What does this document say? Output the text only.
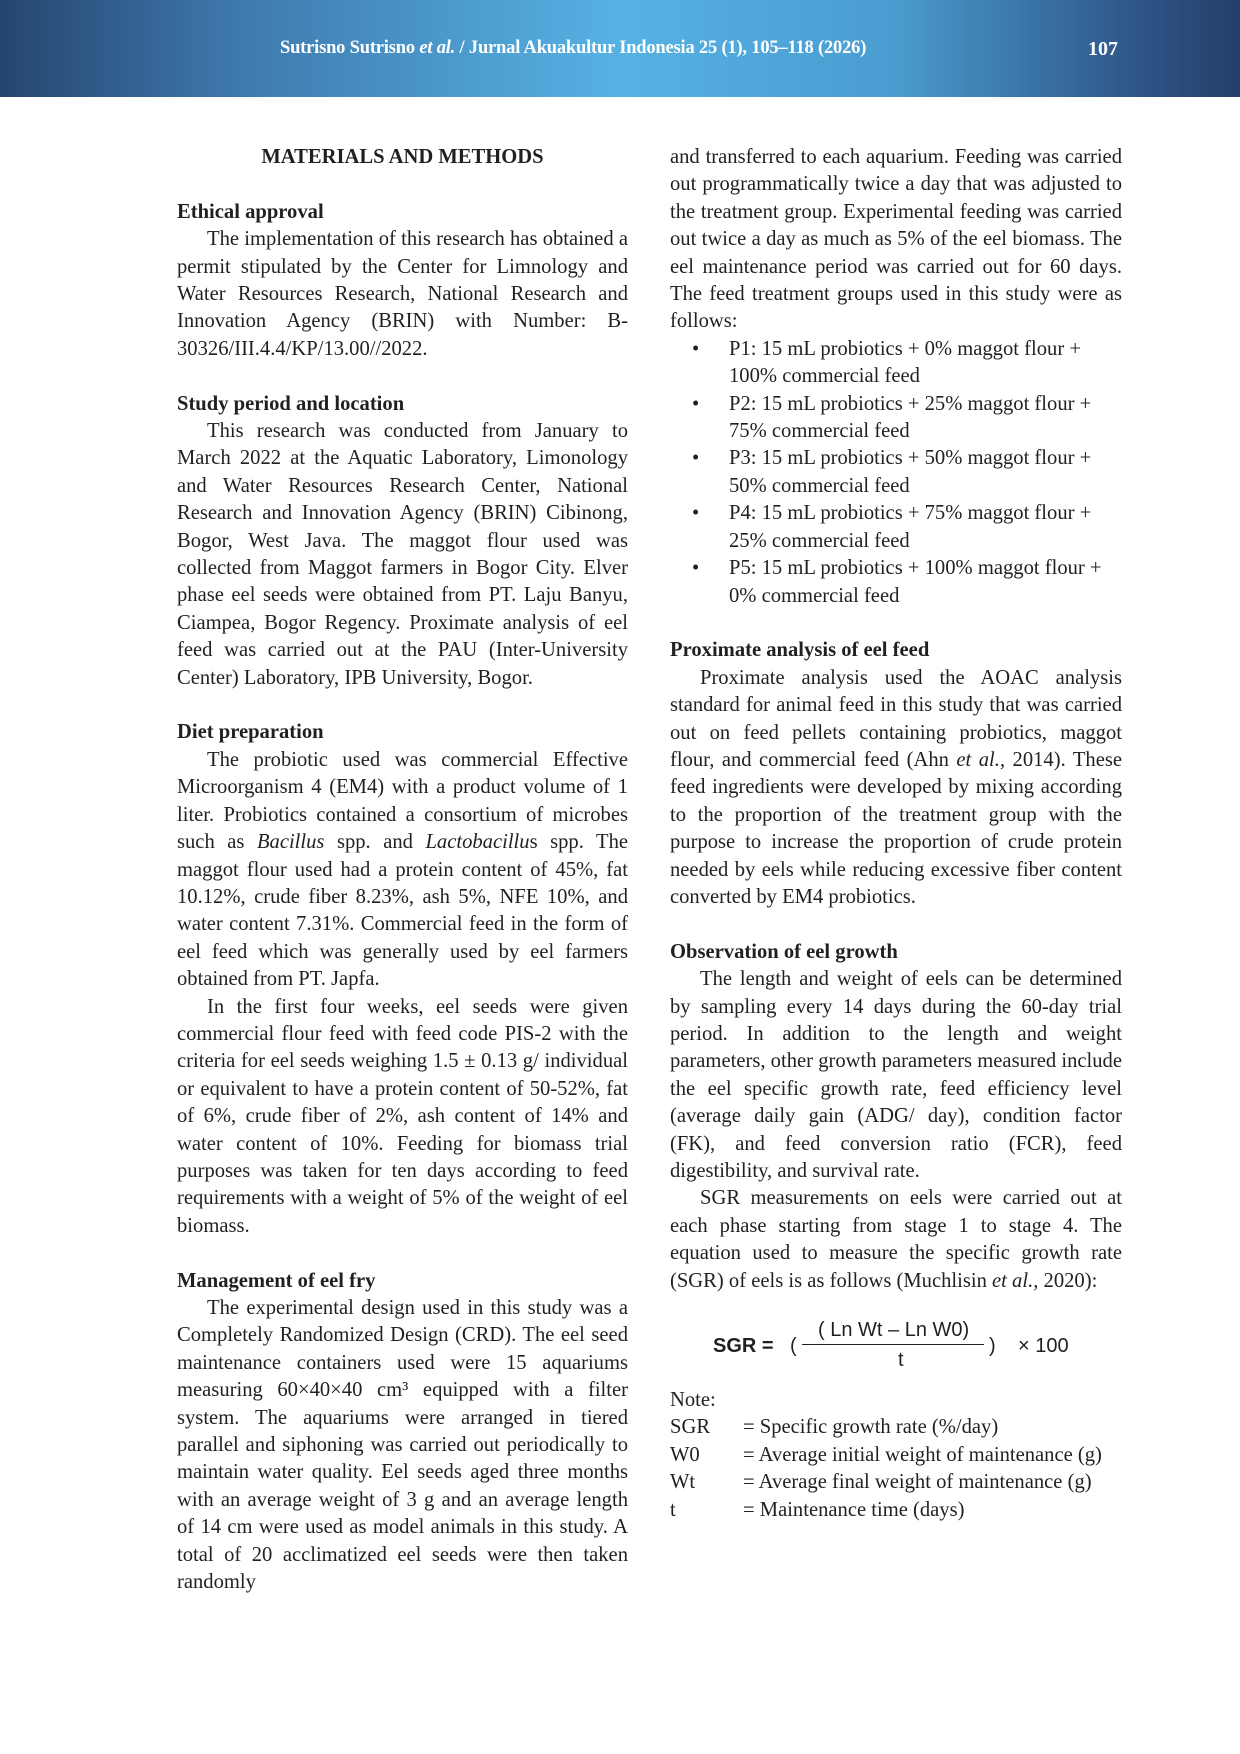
Sutrisno Sutrisno et al. / Jurnal Akuakultur Indonesia 25 (1), 105–118 (2026)	107
MATERIALS AND METHODS
Ethical approval

The implementation of this research has obtained a permit stipulated by the Center for Limnology and Water Resources Research, National Research and Innovation Agency (BRIN) with Number: B-30326/III.4.4/KP/13.00//2022.

Study period and location

This research was conducted from January to March 2022 at the Aquatic Laboratory, Limonology and Water Resources Research Center, National Research and Innovation Agency (BRIN) Cibinong, Bogor, West Java. The maggot flour used was collected from Maggot farmers in Bogor City. Elver phase eel seeds were obtained from PT. Laju Banyu, Ciampea, Bogor Regency. Proximate analysis of eel feed was carried out at the PAU (Inter-University Center) Laboratory, IPB University, Bogor.

Diet preparation

The probiotic used was commercial Effective Microorganism 4 (EM4) with a product volume of 1 liter. Probiotics contained a consortium of microbes such as Bacillus spp. and Lactobacillus spp. The maggot flour used had a protein content of 45%, fat 10.12%, crude fiber 8.23%, ash 5%, NFE 10%, and water content 7.31%. Commercial feed in the form of eel feed which was generally used by eel farmers obtained from PT. Japfa.

In the first four weeks, eel seeds were given commercial flour feed with feed code PIS-2 with the criteria for eel seeds weighing 1.5 ± 0.13 g/ individual or equivalent to have a protein content of 50-52%, fat of 6%, crude fiber of 2%, ash content of 14% and water content of 10%. Feeding for biomass trial purposes was taken for ten days according to feed requirements with a weight of 5% of the weight of eel biomass.

Management of eel fry

The experimental design used in this study was a Completely Randomized Design (CRD). The eel seed maintenance containers used were 15 aquariums measuring 60×40×40 cm³ equipped with a filter system. The aquariums were arranged in tiered parallel and siphoning was carried out periodically to maintain water quality. Eel seeds aged three months with an average weight of 3 g and an average length of 14 cm were used as model animals in this study. A total of 20 acclimatized eel seeds were then taken randomly

and transferred to each aquarium. Feeding was carried out programmatically twice a day that was adjusted to the treatment group. Experimental feeding was carried out twice a day as much as 5% of the eel biomass. The eel maintenance period was carried out for 60 days. The feed treatment groups used in this study were as follows:

• P1: 15 mL probiotics + 0% maggot flour + 100% commercial feed
• P2: 15 mL probiotics + 25% maggot flour + 75% commercial feed
• P3: 15 mL probiotics + 50% maggot flour + 50% commercial feed
• P4: 15 mL probiotics + 75% maggot flour + 25% commercial feed
• P5: 15 mL probiotics + 100% maggot flour + 0% commercial feed
Proximate analysis of eel feed

Proximate analysis used the AOAC analysis standard for animal feed in this study that was carried out on feed pellets containing probiotics, maggot flour, and commercial feed (Ahn et al., 2014). These feed ingredients were developed by mixing according to the proportion of the treatment group with the purpose to increase the proportion of crude protein needed by eels while reducing excessive fiber content converted by EM4 probiotics.

Observation of eel growth

The length and weight of eels can be determined by sampling every 14 days during the 60-day trial period. In addition to the length and weight parameters, other growth parameters measured include the eel specific growth rate, feed efficiency level (average daily gain (ADG/ day), condition factor (FK), and feed conversion ratio (FCR), feed digestibility, and survival rate.

SGR measurements on eels were carried out at each phase starting from stage 1 to stage 4. The equation used to measure the specific growth rate (SGR) of eels is as follows (Muchlisin et al., 2020):

SGR = (
( Ln Wt – Ln W0)
t
) × 100
Note:
SGR	= Specific growth rate (%/day)
W0	= Average initial weight of maintenance (g)
Wt	= Average final weight of maintenance (g)
t	= Maintenance time (days)
